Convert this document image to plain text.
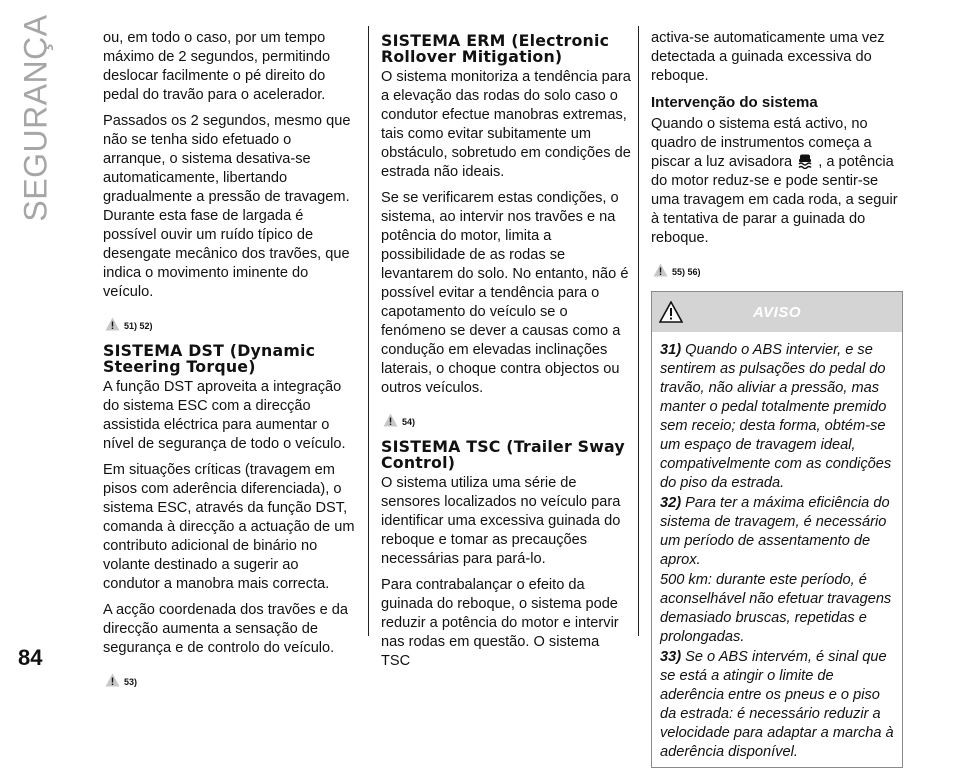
SEGURANÇA	ou, em todo o caso, por um tempo máximo de 2 segundos, permitindo deslocar facilmente o pé direito do pedal do travão para o acelerador.

Passados os 2 segundos, mesmo que não se tenha sido efetuado o arranque, o sistema desativa-se automaticamente, libertando gradualmente a pressão de travagem. Durante esta fase de largada é possível ouvir um ruído típico de desengate mecânico dos travões, que indica o movimento iminente do veículo.

51) 52)
SISTEMA DST (Dynamic Steering Torque)

A função DST aproveita a integração do sistema ESC com a direcção assistida eléctrica para aumentar o nível de segurança de todo o veículo.

Em situações críticas (travagem em pisos com aderência diferenciada), o sistema ESC, através da função DST, comanda à direcção a actuação de um contributo adicional de binário no volante destinado a sugerir ao condutor a manobra mais correcta.

A acção coordenada dos travões e da direcção aumenta a sensação de segurança e de controlo do veículo.

53)
SISTEMA ERM (Electronic Rollover Mitigation)

O sistema monitoriza a tendência para a elevação das rodas do solo caso o condutor efectue manobras extremas, tais como evitar subitamente um obstáculo, sobretudo em condições de estrada não ideais.

Se se verificarem estas condições, o sistema, ao intervir nos travões e na potência do motor, limita a possibilidade de as rodas se levantarem do solo. No entanto, não é possível evitar a tendência para o capotamento do veículo se o fenómeno se dever a causas como a condução em elevadas inclinações laterais, o choque contra objectos ou outros veículos.

54)
SISTEMA TSC (Trailer Sway Control)

O sistema utiliza uma série de sensores localizados no veículo para identificar uma excessiva guinada do reboque e tomar as precauções necessárias para pará-lo.

Para contrabalançar o efeito da guinada do reboque, o sistema pode reduzir a potência do motor e intervir nas rodas em questão. O sistema TSC

activa-se automaticamente uma vez detectada a guinada excessiva do reboque.

Intervenção do sistema

Quando o sistema está activo, no quadro de instrumentos começa a piscar a luz avisadora , a potência do motor reduz-se e pode sentir-se uma travagem em cada roda, a seguir à tentativa de parar a guinada do reboque.

55) 56)
AVISO

31) Quando o ABS intervier, e se sentirem as pulsações do pedal do travão, não aliviar a pressão, mas manter o pedal totalmente premido sem receio; desta forma, obtém-se um espaço de travagem ideal, compativelmente com as condições do piso da estrada.

32) Para ter a máxima eficiência do sistema de travagem, é necessário um período de assentamento de aprox.

500 km: durante este período, é aconselhável não efetuar travagens demasiado bruscas, repetidas e prolongadas.

33) Se o ABS intervém, é sinal que se está a atingir o limite de aderência entre os pneus e o piso da estrada: é necessário reduzir a velocidade para adaptar a marcha à aderência disponível.

84
